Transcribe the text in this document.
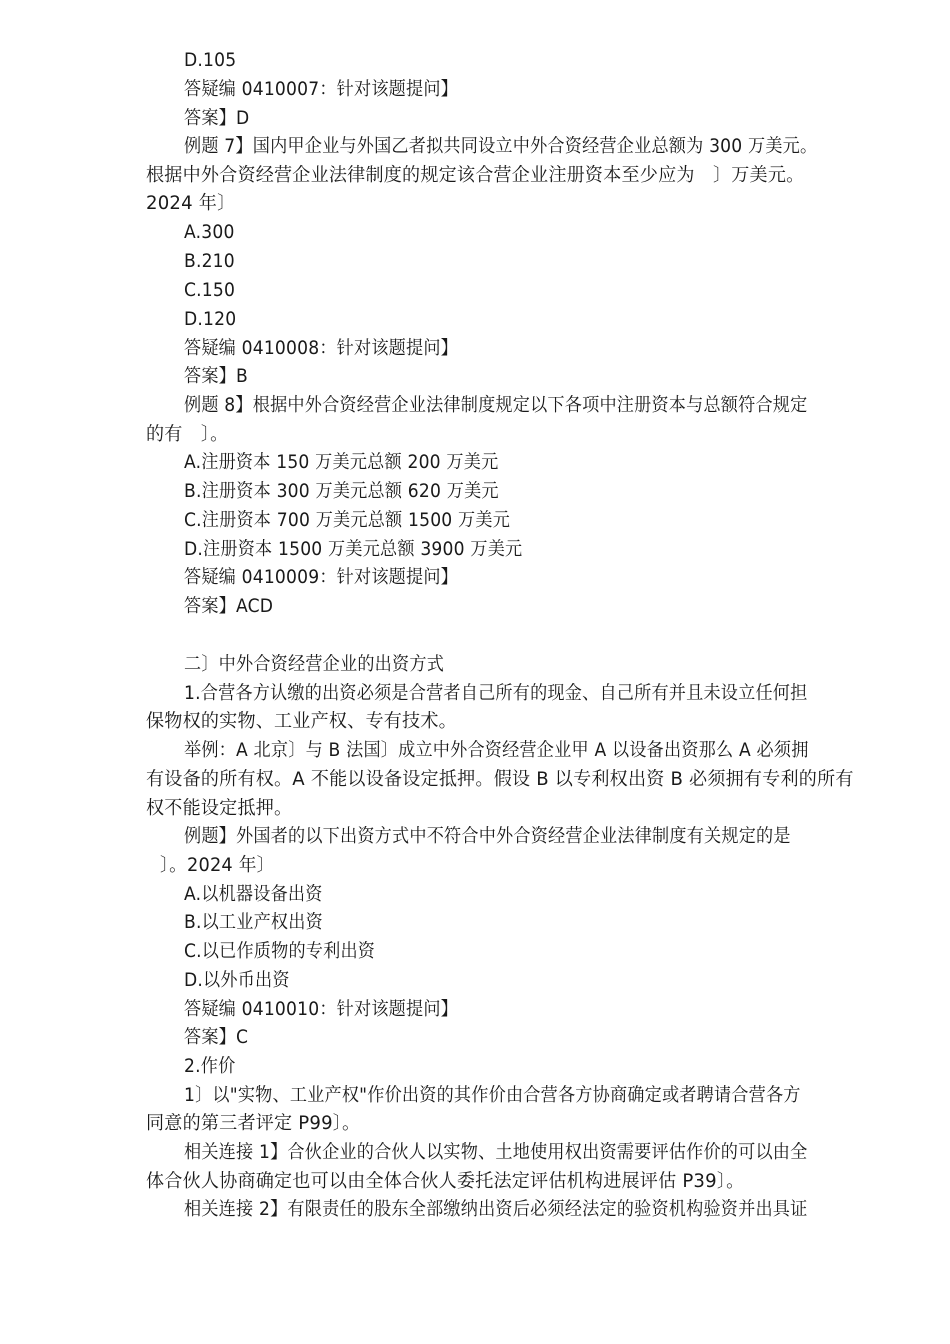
D.105
答疑编 0410007：针对该题提问】
答案】D
例题 7】国内甲企业与外国乙者拟共同设立中外合资经营企业总额为 300 万美元。
根据中外合资经营企业法律制度的规定该合营企业注册资本至少应为　〕万美元。
2024 年〕
A.300
B.210
C.150
D.120
答疑编 0410008：针对该题提问】
答案】B
例题 8】根据中外合资经营企业法律制度规定以下各项中注册资本与总额符合规定
的有　〕。
A.注册资本 150 万美元总额 200 万美元
B.注册资本 300 万美元总额 620 万美元
C.注册资本 700 万美元总额 1500 万美元
D.注册资本 1500 万美元总额 3900 万美元
答疑编 0410009：针对该题提问】
答案】ACD
二〕中外合资经营企业的出资方式
1.合营各方认缴的出资必须是合营者自己所有的现金、自己所有并且未设立任何担
保物权的实物、工业产权、专有技术。
举例：A 北京〕与 B 法国〕成立中外合资经营企业甲 A 以设备出资那么 A 必须拥
有设备的所有权。A 不能以设备设定抵押。假设 B 以专利权出资 B 必须拥有专利的所有
权不能设定抵押。
例题】外国者的以下出资方式中不符合中外合资经营企业法律制度有关规定的是
〕。2024 年〕
A.以机器设备出资
B.以工业产权出资
C.以已作质物的专利出资
D.以外币出资
答疑编 0410010：针对该题提问】
答案】C
2.作价
1〕以"实物、工业产权"作价出资的其作价由合营各方协商确定或者聘请合营各方
同意的第三者评定 P99〕。
相关连接 1】合伙企业的合伙人以实物、土地使用权出资需要评估作价的可以由全
体合伙人协商确定也可以由全体合伙人委托法定评估机构进展评估 P39〕。
相关连接 2】有限责任的股东全部缴纳出资后必须经法定的验资机构验资并出具证
